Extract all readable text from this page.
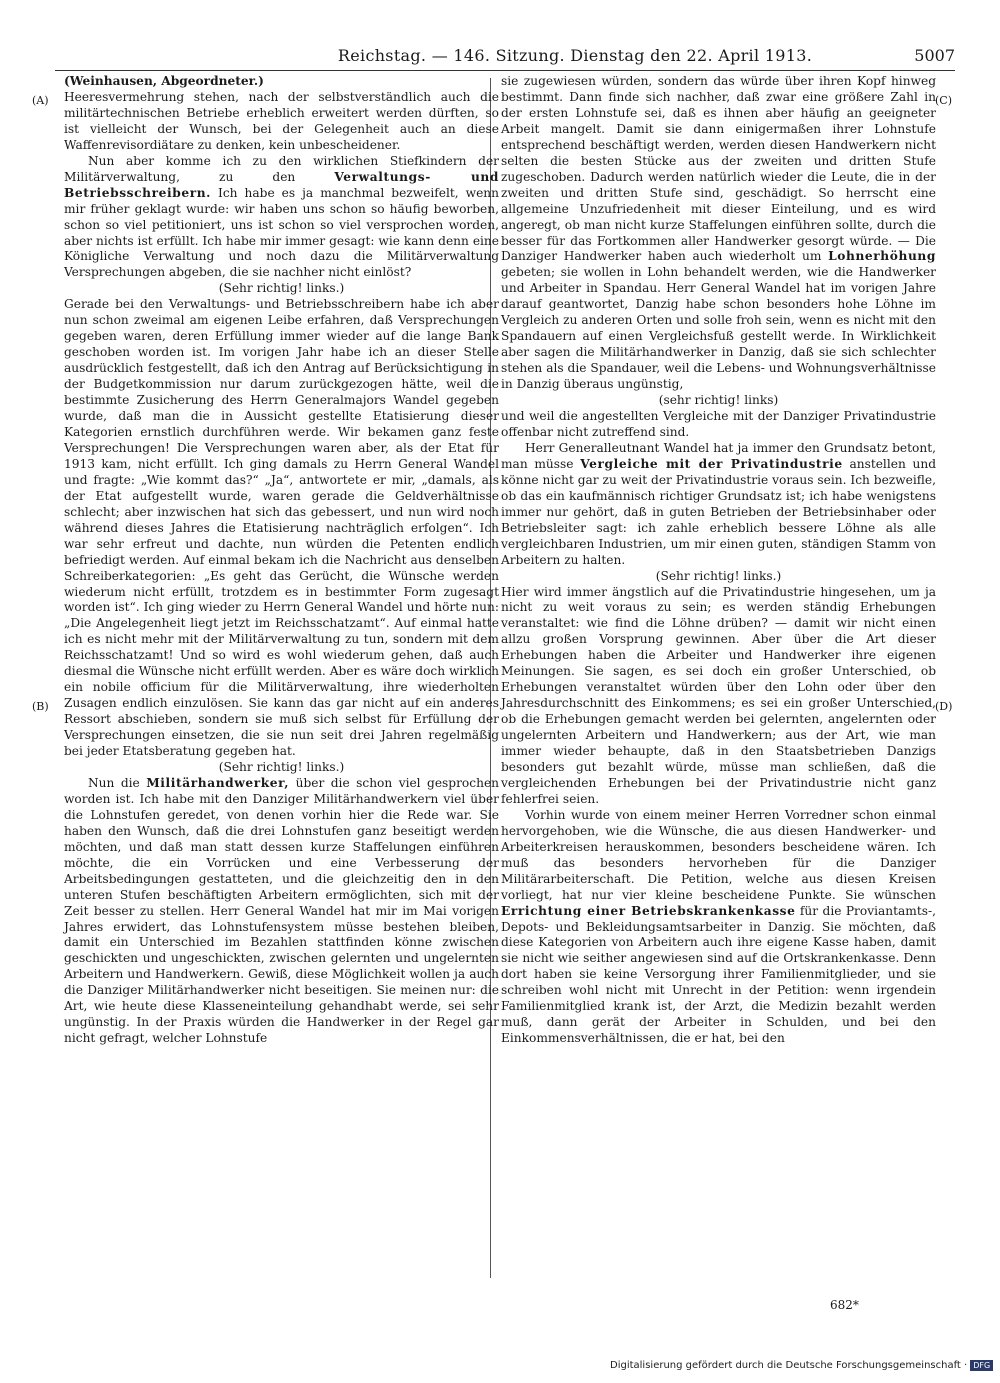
Reichstag. — 146. Sitzung. Dienstag den 22. April 1913.	5007
(A)
(B)
(C)
(D)

(Weinhausen, Abgeordneter.)

Heeresvermehrung stehen, nach der selbstverständlich auch die militärtechnischen Betriebe erheblich erweitert werden dürften, so ist vielleicht der Wunsch, bei der Gelegenheit auch an diese Waffenrevisordiätare zu denken, kein unbescheidener.

Nun aber komme ich zu den wirklichen Stiefkindern der Militärverwaltung, zu den	Verwaltungs- und Betriebsschreibern. Ich habe es ja manchmal bezweifelt, wenn mir früher geklagt wurde: wir haben uns schon so häufig beworben, schon so viel petitioniert, uns ist schon so viel versprochen worden, aber nichts ist erfüllt. Ich habe mir immer gesagt: wie kann denn eine Königliche Verwaltung und noch dazu die Militärverwaltung Versprechungen abgeben, die sie nachher nicht einlöst?

(Sehr richtig! links.)

Gerade bei den Verwaltungs- und Betriebsschreibern habe ich aber nun schon zweimal am eigenen Leibe erfahren, daß Versprechungen gegeben waren, deren Erfüllung immer wieder auf die lange Bank geschoben worden ist. Im vorigen Jahr habe ich an dieser Stelle ausdrücklich festgestellt, daß ich den Antrag auf Berücksichtigung in der Budgetkommission nur darum zurückgezogen hätte, weil die bestimmte Zusicherung des Herrn Generalmajors Wandel gegeben wurde, daß man die in Aussicht gestellte Etatisierung dieser Kategorien ernstlich durchführen werde. Wir bekamen ganz feste Versprechungen! Die Versprechungen waren aber, als der Etat für 1913 kam, nicht erfüllt. Ich ging damals zu Herrn General Wandel und fragte: „Wie kommt das?“ „Ja“, antwortete er mir, „damals, als der Etat aufgestellt wurde, waren gerade die Geldverhältnisse schlecht; aber inzwischen hat sich das gebessert, und nun wird noch während dieses Jahres die Etatisierung nachträglich erfolgen“. Ich war sehr erfreut und dachte, nun würden die Petenten endlich befriedigt werden. Auf einmal bekam ich die Nachricht aus denselben Schreiberkategorien: „Es geht das Gerücht, die Wünsche werden wiederum nicht erfüllt, trotzdem es in bestimmter Form zugesagt worden ist“. Ich ging wieder zu Herrn General Wandel und hörte nun: „Die Angelegenheit liegt jetzt im Reichsschatzamt“. Auf einmal hatte ich es nicht mehr mit der Militärverwaltung zu tun, sondern mit dem Reichsschatzamt! Und so wird es wohl wiederum gehen, daß auch diesmal die Wünsche nicht erfüllt werden. Aber es wäre doch wirklich ein nobile officium für die Militärverwaltung, ihre wiederholten Zusagen endlich einzulösen. Sie kann das gar nicht auf ein anderes Ressort abschieben, sondern sie muß sich selbst für Erfüllung der Versprechungen einsetzen, die sie nun seit drei Jahren regelmäßig bei jeder Etatsberatung gegeben hat.

(Sehr richtig! links.)

Nun die Militärhandwerker, über die schon viel gesprochen worden ist. Ich habe mit den Danziger Militärhandwerkern viel über die Lohnstufen geredet, von denen vorhin hier die Rede war. Sie haben den Wunsch, daß die drei Lohnstufen ganz beseitigt werden möchten, und daß man statt dessen kurze Staffelungen einführen möchte, die ein Vorrücken und eine Verbesserung der Arbeitsbedingungen gestatteten, und die gleichzeitig den in den unteren Stufen beschäftigten Arbeitern ermöglichten, sich mit der Zeit besser zu stellen. Herr General Wandel hat mir im Mai vorigen Jahres erwidert, das Lohnstufensystem müsse bestehen bleiben, damit ein Unterschied im Bezahlen stattfinden könne zwischen geschickten und ungeschickten, zwischen gelernten und ungelernten Arbeitern und Handwerkern. Gewiß, diese Möglichkeit wollen ja auch die Danziger Militärhandwerker nicht beseitigen. Sie meinen nur: die Art, wie heute diese Klasseneinteilung gehandhabt werde, sei sehr ungünstig. In der Praxis würden die Handwerker in der Regel gar nicht gefragt, welcher Lohnstufe

sie zugewiesen würden, sondern das würde über ihren Kopf hinweg bestimmt. Dann finde sich nachher, daß zwar eine größere Zahl in der ersten Lohnstufe sei, daß es ihnen aber häufig an geeigneter Arbeit mangelt. Damit sie dann einigermaßen ihrer Lohnstufe entsprechend beschäftigt werden, werden diesen Handwerkern nicht selten die besten Stücke aus der zweiten und dritten Stufe zugeschoben. Dadurch werden natürlich wieder die Leute, die in der zweiten und dritten Stufe sind, geschädigt. So herrscht eine allgemeine Unzufriedenheit mit dieser Einteilung, und es wird angeregt, ob man nicht kurze Staffelungen einführen sollte, durch die besser für das Fortkommen aller Handwerker gesorgt würde. — Die Danziger Handwerker haben auch wiederholt um Lohnerhöhung gebeten; sie wollen in Lohn behandelt werden, wie die Handwerker und Arbeiter in Spandau. Herr General Wandel hat im vorigen Jahre darauf geantwortet, Danzig habe schon besonders hohe Löhne im Vergleich zu anderen Orten und solle froh sein, wenn es nicht mit den Spandauern auf einen Vergleichsfuß gestellt werde. In Wirklichkeit aber sagen die Militärhandwerker in Danzig, daß sie sich schlechter stehen als die Spandauer, weil die Lebens- und Wohnungsverhältnisse in Danzig überaus ungünstig,

(sehr richtig! links)

und weil die angestellten Vergleiche mit der Danziger Privatindustrie offenbar nicht zutreffend sind.

Herr Generalleutnant Wandel hat ja immer den Grundsatz betont, man müsse Vergleiche mit der Privatindustrie anstellen und könne nicht gar zu weit der Privatindustrie voraus sein. Ich bezweifle, ob das ein kaufmännisch richtiger Grundsatz ist; ich habe wenigstens immer nur gehört, daß in guten Betrieben der Betriebsinhaber oder Betriebsleiter sagt: ich zahle erheblich bessere Löhne als alle vergleichbaren Industrien, um mir einen guten, ständigen Stamm von Arbeitern zu halten.

(Sehr richtig! links.)

Hier wird immer ängstlich auf die Privatindustrie hingesehen, um ja nicht zu weit voraus zu sein; es werden ständig Erhebungen veranstaltet: wie find die Löhne drüben? — damit wir nicht einen allzu großen Vorsprung gewinnen. Aber über die Art dieser Erhebungen haben die Arbeiter und Handwerker ihre eigenen Meinungen. Sie sagen, es sei doch ein großer Unterschied, ob Erhebungen veranstaltet würden über den Lohn oder über den Jahresdurchschnitt des Einkommens; es sei ein großer Unterschied, ob die Erhebungen gemacht werden bei gelernten, angelernten oder ungelernten Arbeitern und Handwerkern; aus der Art, wie man immer wieder behaupte, daß in den Staatsbetrieben Danzigs besonders gut bezahlt würde, müsse man schließen, daß die vergleichenden Erhebungen bei der Privatindustrie nicht ganz fehlerfrei seien.

Vorhin wurde von einem meiner Herren Vorredner schon einmal hervorgehoben, wie die Wünsche, die aus diesen Handwerker- und Arbeiterkreisen herauskommen, besonders bescheidene wären. Ich muß das besonders hervorheben für die Danziger Militärarbeiterschaft. Die Petition, welche aus diesen Kreisen vorliegt, hat nur vier kleine bescheidene Punkte. Sie wünschen Errichtung einer Betriebskrankenkasse für die Proviantamts-, Depots- und Bekleidungsamtsarbeiter in Danzig. Sie möchten, daß diese Kategorien von Arbeitern auch ihre eigene Kasse haben, damit sie nicht wie seither angewiesen sind auf die Ortskrankenkasse. Denn dort haben sie keine Versorgung ihrer Familienmitglieder, und sie schreiben wohl nicht mit Unrecht in der Petition: wenn irgendein Familienmitglied krank ist, der Arzt, die Medizin bezahlt werden muß, dann gerät der Arbeiter in Schulden, und bei den Einkommensverhältnissen, die er hat, bei den

682*
Digitalisierung gefördert durch die Deutsche Forschungsgemeinschaft · DFG
